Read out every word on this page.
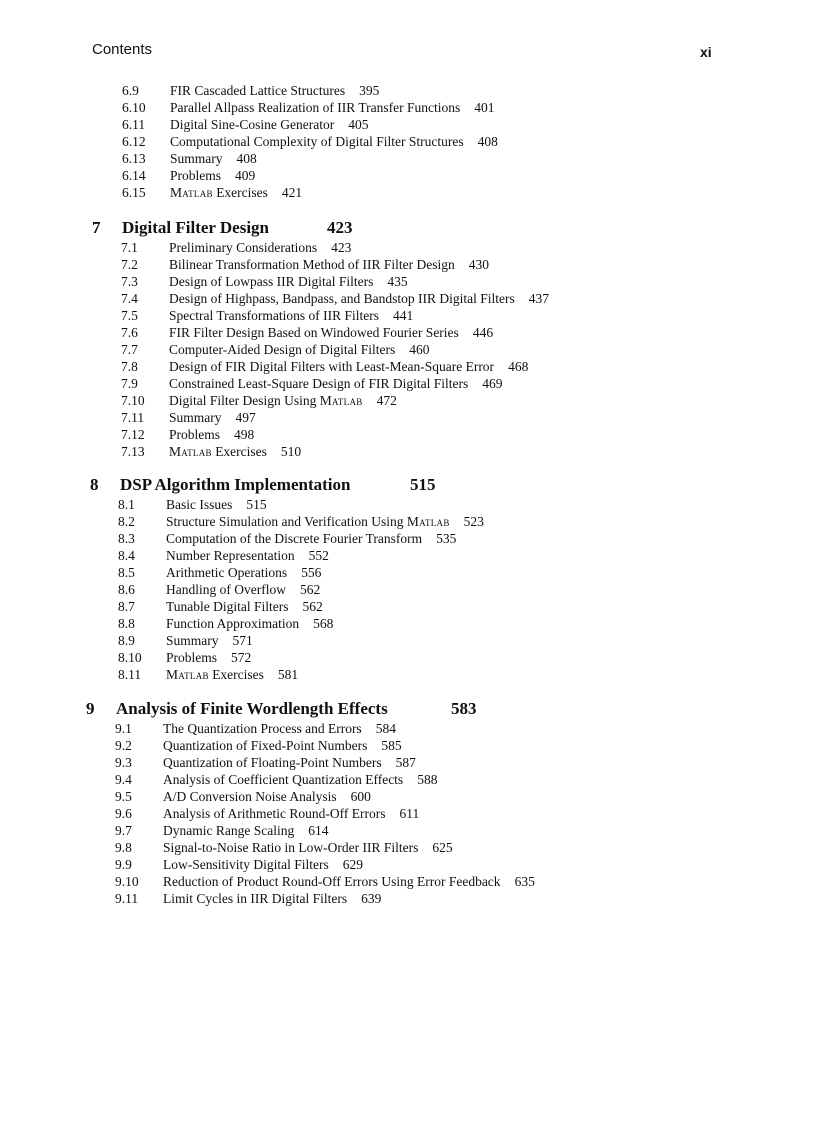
Contents	xi
6.9 FIR Cascaded Lattice Structures 395
6.10 Parallel Allpass Realization of IIR Transfer Functions 401
6.11 Digital Sine-Cosine Generator 405
6.12 Computational Complexity of Digital Filter Structures 408
6.13 Summary 408
6.14 Problems 409
6.15 Matlab Exercises 421
7 Digital Filter Design	423
7.1 Preliminary Considerations 423
7.2 Bilinear Transformation Method of IIR Filter Design 430
7.3 Design of Lowpass IIR Digital Filters 435
7.4 Design of Highpass, Bandpass, and Bandstop IIR Digital Filters 437
7.5 Spectral Transformations of IIR Filters 441
7.6 FIR Filter Design Based on Windowed Fourier Series 446
7.7 Computer-Aided Design of Digital Filters 460
7.8 Design of FIR Digital Filters with Least-Mean-Square Error 468
7.9 Constrained Least-Square Design of FIR Digital Filters 469
7.10 Digital Filter Design Using Matlab 472
7.11 Summary 497
7.12 Problems 498
7.13 Matlab Exercises 510
8 DSP Algorithm Implementation	515
8.1 Basic Issues 515
8.2 Structure Simulation and Verification Using Matlab 523
8.3 Computation of the Discrete Fourier Transform 535
8.4 Number Representation 552
8.5 Arithmetic Operations 556
8.6 Handling of Overflow 562
8.7 Tunable Digital Filters 562
8.8 Function Approximation 568
8.9 Summary 571
8.10 Problems 572
8.11 Matlab Exercises 581
9 Analysis of Finite Wordlength Effects	583
9.1 The Quantization Process and Errors 584
9.2 Quantization of Fixed-Point Numbers 585
9.3 Quantization of Floating-Point Numbers 587
9.4 Analysis of Coefficient Quantization Effects 588
9.5 A/D Conversion Noise Analysis 600
9.6 Analysis of Arithmetic Round-Off Errors 611
9.7 Dynamic Range Scaling 614
9.8 Signal-to-Noise Ratio in Low-Order IIR Filters 625
9.9 Low-Sensitivity Digital Filters 629
9.10 Reduction of Product Round-Off Errors Using Error Feedback 635
9.11 Limit Cycles in IIR Digital Filters 639
